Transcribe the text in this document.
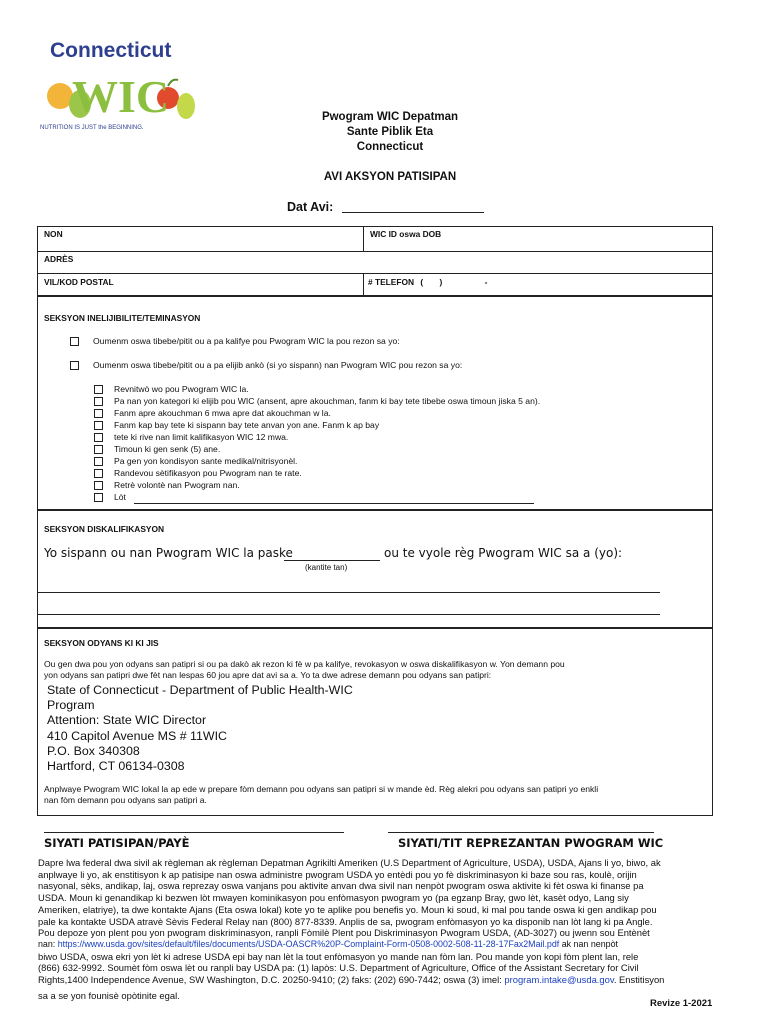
Connecticut
WIC
NUTRITION IS JUST the BEGINNING.
Pwogram WIC Depatman
Sante Piblik Eta
Connecticut
AVI AKSYON PATISIPAN
Dat Avi:
NON	WIC ID oswa DOB
ADRÈS
VIL/KOD POSTAL	# TELEFON ( )	-
SEKSYON INELIJIBILITE/TEMINASYON
Oumenm oswa tibebe/pitit ou a pa kalifye pou Pwogram WIC la pou rezon sa yo:
Oumenm oswa tibebe/pitit ou a pa elijib ankò (si yo sispann) nan Pwogram WIC pou rezon sa yo:
Revnitwò wo pou Pwogram WIC la.
Pa nan yon kategori ki elijib pou WIC (ansent, apre akouchman, fanm ki bay tete tibebe oswa timoun jiska 5 an).
Fanm apre akouchman 6 mwa apre dat akouchman w la.
Fanm kap bay tete ki sispann bay tete anvan yon ane. Fanm k ap bay
tete ki rive nan limit kalifikasyon WIC 12 mwa.
Timoun ki gen senk (5) ane.
Pa gen yon kondisyon sante medikal/nitrisyonèl.
Randevou sètifikasyon pou Pwogram nan te rate.
Retrè volontè nan Pwogram nan.
Lòt
SEKSYON DISKALIFIKASYON
Yo sispann ou nan Pwogram WIC la paske	ou te vyole règ Pwogram WIC sa a (yo):
(kantite tan)
SEKSYON ODYANS KI KI JIS
Ou gen dwa pou yon odyans san patipri si ou pa dakò ak rezon ki fè w pa kalifye, revokasyon w oswa diskalifikasyon w. Yon demann pou
yon odyans san patipri dwe fèt nan lespas 60 jou apre dat avi sa a. Yo ta dwe adrese demann pou odyans san patipri:
State of Connecticut - Department of Public Health-WIC
Program
Attention: State WIC Director
410 Capitol Avenue MS # 11WIC
P.O. Box 340308
Hartford, CT 06134-0308
Anplwaye Pwogram WIC lokal la ap ede w prepare fòm demann pou odyans san patipri si w mande èd. Règ alekri pou odyans san patipri yo enkli
nan fòm demann pou odyans san patipri a.
SIYATI PATISIPAN/PAYÈ	SIYATI/TIT REPREZANTAN PWOGRAM WIC
Dapre lwa federal dwa sivil ak règleman ak règleman Depatman Agrikilti Ameriken (U.S Department of Agriculture, USDA), USDA, Ajans li yo, biwo, ak
anplwaye li yo, ak enstitisyon k ap patisipe nan oswa administre pwogram USDA yo entèdi pou yo fè diskriminasyon ki baze sou ras, koulè, orijin
nasyonal, sèks, andikap, laj, oswa reprezay oswa vanjans pou aktivite anvan dwa sivil nan nenpòt pwogram oswa aktivite ki fèt oswa ki finanse pa
USDA. Moun ki genandikap ki bezwen lòt mwayen kominikasyon pou enfòmasyon pwogram yo (pa egzanp Bray, gwo lèt, kasèt odyo, Lang siy
Ameriken, elatriye), ta dwe kontakte Ajans (Eta oswa lokal) kote yo te aplike pou benefis yo. Moun ki soud, ki mal pou tande oswa ki gen andikap pou
pale ka kontakte USDA atravè Sèvis Federal Relay nan (800) 877-8339. Anplis de sa, pwogram enfòmasyon yo ka disponib nan lòt lang ki pa Angle.
Pou depoze yon plent pou yon pwogram diskriminasyon, ranpli Fòmilè Plent pou Diskriminasyon Pwogram USDA, (AD-3027) ou jwenn sou Entènèt
nan: https://www.usda.gov/sites/default/files/documents/USDA-OASCR%20P-Complaint-Form-0508-0002-508-11-28-17Fax2Mail.pdf ak nan nenpòt
biwo USDA, oswa ekri yon lèt ki adrese USDA epi bay nan lèt la tout enfòmasyon yo mande nan fòm lan. Pou mande yon kopi fòm plent lan, rele
(866) 632-9992. Soumèt fòm oswa lèt ou ranpli bay USDA pa: (1) lapòs: U.S. Department of Agriculture, Office of the Assistant Secretary for Civil
Rights,1400 Independence Avenue, SW Washington, D.C. 20250-9410; (2) faks: (202) 690-7442; oswa (3) imel: program.intake@usda.gov. Enstitisyon
sa a se yon founisè opòtinite egal.
Revize 1-2021
